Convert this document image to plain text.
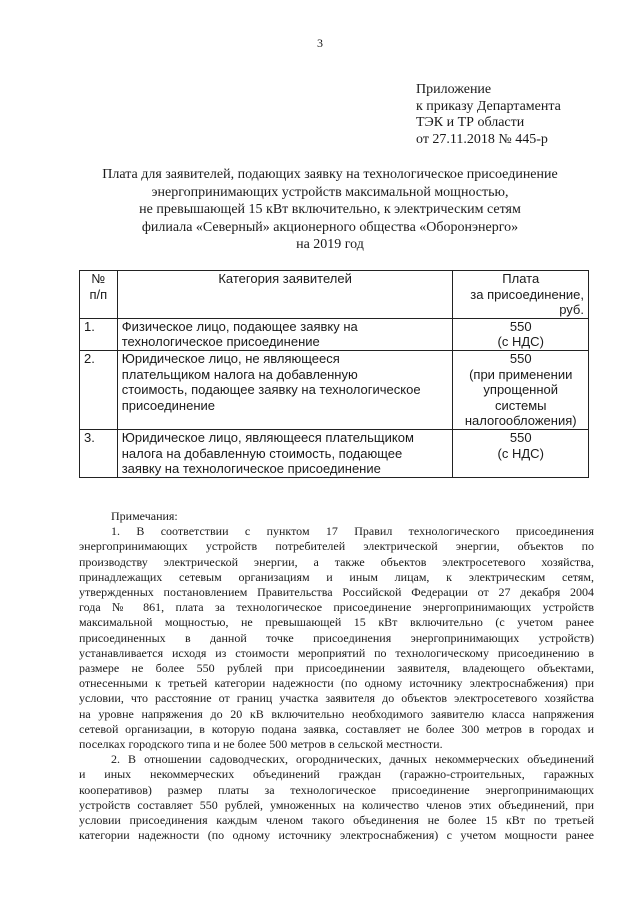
3
Приложение
к приказу Департамента
ТЭК и ТР области
от 27.11.2018 № 445-р
Плата для заявителей, подающих заявку на технологическое присоединение
энергопринимающих устройств максимальной мощностью,
не превышающей 15 кВт включительно, к электрическим сетям
филиала «Северный» акционерного общества «Оборонэнерго»
на 2019 год
№
п/п	Категория заявителей	Плата
за присоединение,
руб.

1.	Физическое лицо, подающее заявку на
технологическое присоединение	550
(с НДС)

2.	Юридическое лицо, не являющееся
плательщиком налога на добавленную
стоимость, подающее заявку на технологическое
присоединение	550
(при применении
упрощенной
системы
налогообложения)

3.	Юридическое лицо, являющееся плательщиком
налога на добавленную стоимость, подающее
заявку на технологическое присоединение	550
(с НДС)
Примечания:
1. В соответствии с пунктом 17 Правил технологического присоединения
энергопринимающих устройств потребителей электрической энергии, объектов по
производству электрической энергии, а также объектов электросетевого хозяйства,
принадлежащих сетевым организациям и иным лицам, к электрическим сетям,
утвержденных постановлением Правительства Российской Федерации от 27 декабря 2004
года № 861, плата за технологическое присоединение энергопринимающих устройств
максимальной мощностью, не превышающей 15 кВт включительно (с учетом ранее
присоединенных в данной точке присоединения энергопринимающих устройств)
устанавливается исходя из стоимости мероприятий по технологическому присоединению в
размере не более 550 рублей при присоединении заявителя, владеющего объектами,
отнесенными к третьей категории надежности (по одному источнику электроснабжения) при
условии, что расстояние от границ участка заявителя до объектов электросетевого хозяйства
на уровне напряжения до 20 кВ включительно необходимого заявителю класса напряжения
сетевой организации, в которую подана заявка, составляет не более 300 метров в городах и
поселках городского типа и не более 500 метров в сельской местности.
2. В отношении садоводческих, огороднических, дачных некоммерческих объединений
и иных некоммерческих объединений граждан (гаражно-строительных, гаражных
кооперативов) размер платы за технологическое присоединение энергопринимающих
устройств составляет 550 рублей, умноженных на количество членов этих объединений, при
условии присоединения каждым членом такого объединения не более 15 кВт по третьей
категории надежности (по одному источнику электроснабжения) с учетом мощности ранее
